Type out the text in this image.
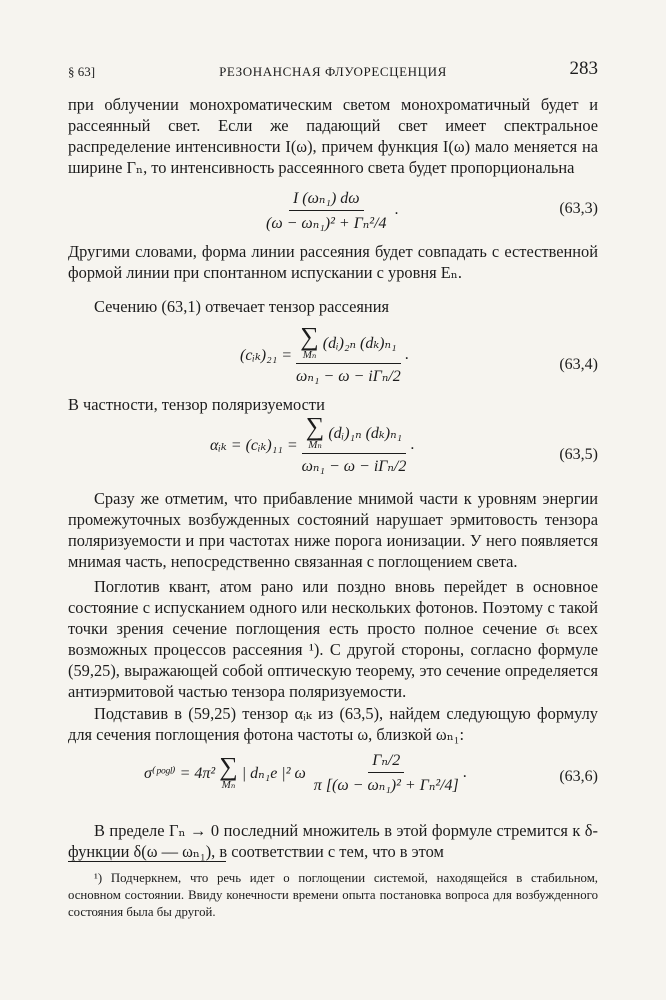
§ 63]	РЕЗОНАНСНАЯ ФЛУОРЕСЦЕНЦИЯ	283
при облучении монохроматическим светом монохроматичный будет и рассеянный свет. Если же падающий свет имеет спектральное распределение интенсивности I(ω), причем функция I(ω) мало меняется на ширине Γₙ, то интенсивность рассеянного света будет пропорциональна
$\frac{\text{I (ωₙ₁) dω}}{\text{(ω − ωₙ₁)² + Γₙ²/4}}$ .	(63,3)
Другими словами, форма линии рассеяния будет совпадать с естественной формой линии при спонтанном испускании с уровня Eₙ.
Сечению (63,1) отвечает тензор рассеяния
(cᵢₖ)₂₁ = ∑
Mₙ
(dᵢ)₂ₙ (dₖ)ₙ₁
ωₙ₁ − ω − iΓₙ/2 .
(63,4)
В частности, тензор поляризуемости
αᵢₖ = (cᵢₖ)₁₁ = ∑
Mₙ
(dᵢ)₁ₙ (dₖ)ₙ₁
ωₙ₁ − ω − iΓₙ/2 .
(63,5)
Сразу же отметим, что прибавление мнимой части к уровням энергии промежуточных возбужденных состояний нарушает эрмитовость тензора поляризуемости и при частотах ниже порога ионизации. У него появляется мнимая часть, непосредственно связанная с поглощением света.
Поглотив квант, атом рано или поздно вновь перейдет в основное состояние с испусканием одного или нескольких фотонов. Поэтому с такой точки зрения сечение поглощения есть просто полное сечение σₜ всех возможных процессов рассеяния ¹). С другой стороны, согласно формуле (59,25), выражающей собой оптическую теорему, это сечение определяется антиэрмитовой частью тензора поляризуемости.
Подставив в (59,25) тензор αᵢₖ из (63,5), найдем следующую формулу для сечения поглощения фотона частоты ω, близкой ωₙ₁:
σ⁽ᵖᵒᵍˡ⁾ = 4π² ∑
Mₙ
| dₙ₁e |² ω $\frac{\text{Γₙ/2}}{\text{π [(ω − ωₙ₁)² + Γₙ²/4]}}$ .	(63,6)
В пределе Γₙ → 0 последний множитель в этой формуле стремится к δ-функции δ(ω — ωₙ₁), в соответствии с тем, что в этом
¹) Подчеркнем, что речь идет о поглощении системой, находящейся в стабильном, основном состоянии. Ввиду конечности времени опыта постановка вопроса для возбужденного состояния была бы другой.
